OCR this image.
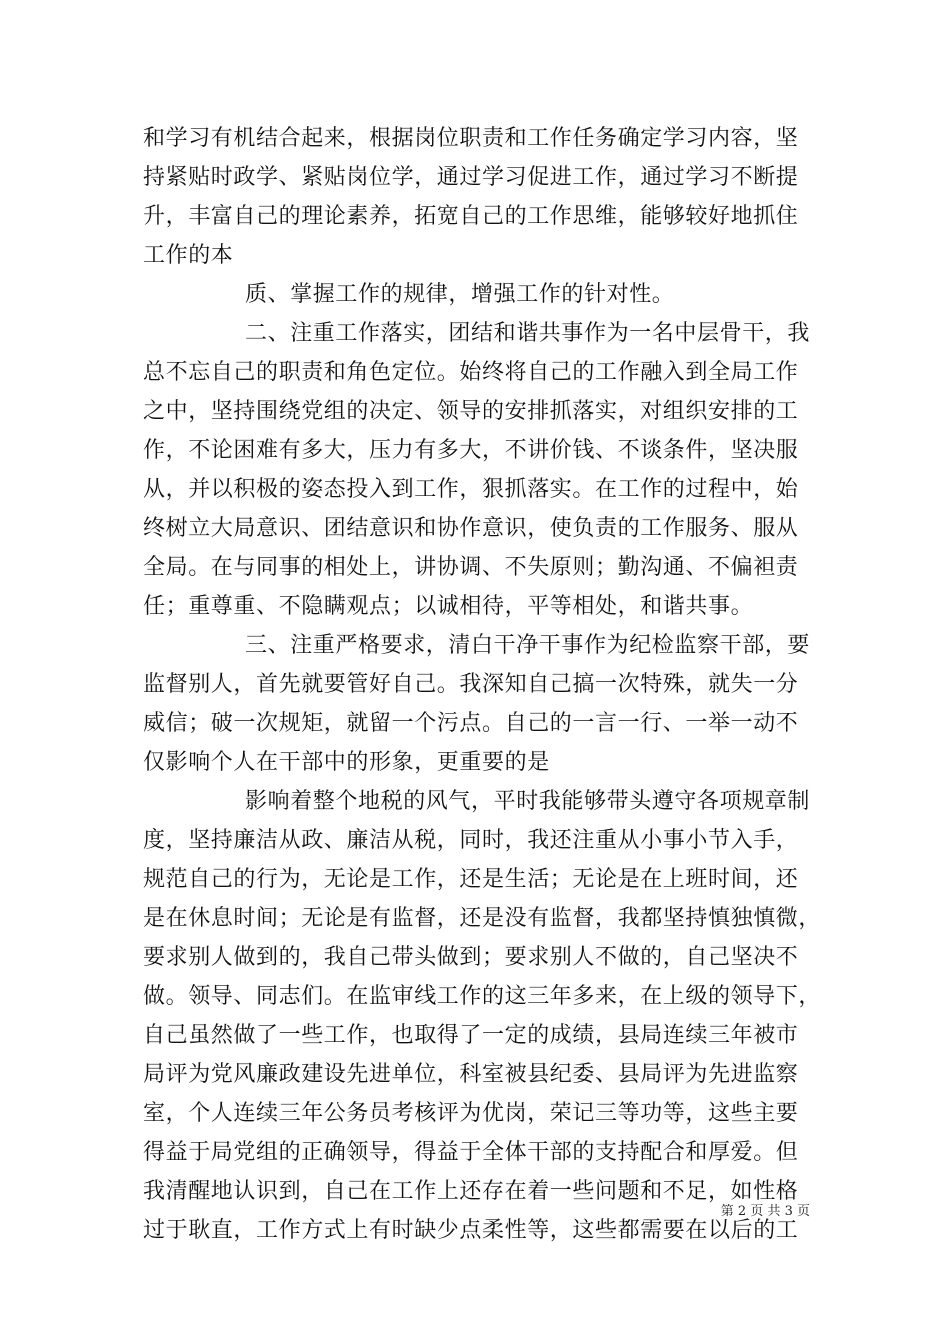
和学习有机结合起来，根据岗位职责和工作任务确定学习内容，坚
持紧贴时政学、紧贴岗位学，通过学习促进工作，通过学习不断提
升，丰富自己的理论素养，拓宽自己的工作思维，能够较好地抓住
工作的本
质、掌握工作的规律，增强工作的针对性。
二、注重工作落实，团结和谐共事作为一名中层骨干，我
总不忘自己的职责和角色定位。始终将自己的工作融入到全局工作
之中，坚持围绕党组的决定、领导的安排抓落实，对组织安排的工
作，不论困难有多大，压力有多大，不讲价钱、不谈条件，坚决服
从，并以积极的姿态投入到工作，狠抓落实。在工作的过程中，始
终树立大局意识、团结意识和协作意识，使负责的工作服务、服从
全局。在与同事的相处上，讲协调、不失原则；勤沟通、不偏袒责
任；重尊重、不隐瞒观点；以诚相待，平等相处，和谐共事。
三、注重严格要求，清白干净干事作为纪检监察干部，要
监督别人，首先就要管好自己。我深知自己搞一次特殊，就失一分
威信；破一次规矩，就留一个污点。自己的一言一行、一举一动不
仅影响个人在干部中的形象，更重要的是
影响着整个地税的风气，平时我能够带头遵守各项规章制
度，坚持廉洁从政、廉洁从税，同时，我还注重从小事小节入手，
规范自己的行为，无论是工作，还是生活；无论是在上班时间，还
是在休息时间；无论是有监督，还是没有监督，我都坚持慎独慎微，
要求别人做到的，我自己带头做到；要求别人不做的，自己坚决不
做。领导、同志们。在监审线工作的这三年多来，在上级的领导下，
自己虽然做了一些工作，也取得了一定的成绩，县局连续三年被市
局评为党风廉政建设先进单位，科室被县纪委、县局评为先进监察
室，个人连续三年公务员考核评为优岗，荣记三等功等，这些主要
得益于局党组的正确领导，得益于全体干部的支持配合和厚爱。但
我清醒地认识到，自己在工作上还存在着一些问题和不足，如性格
过于耿直，工作方式上有时缺少点柔性等，这些都需要在以后的工
第 2 页 共 3 页
